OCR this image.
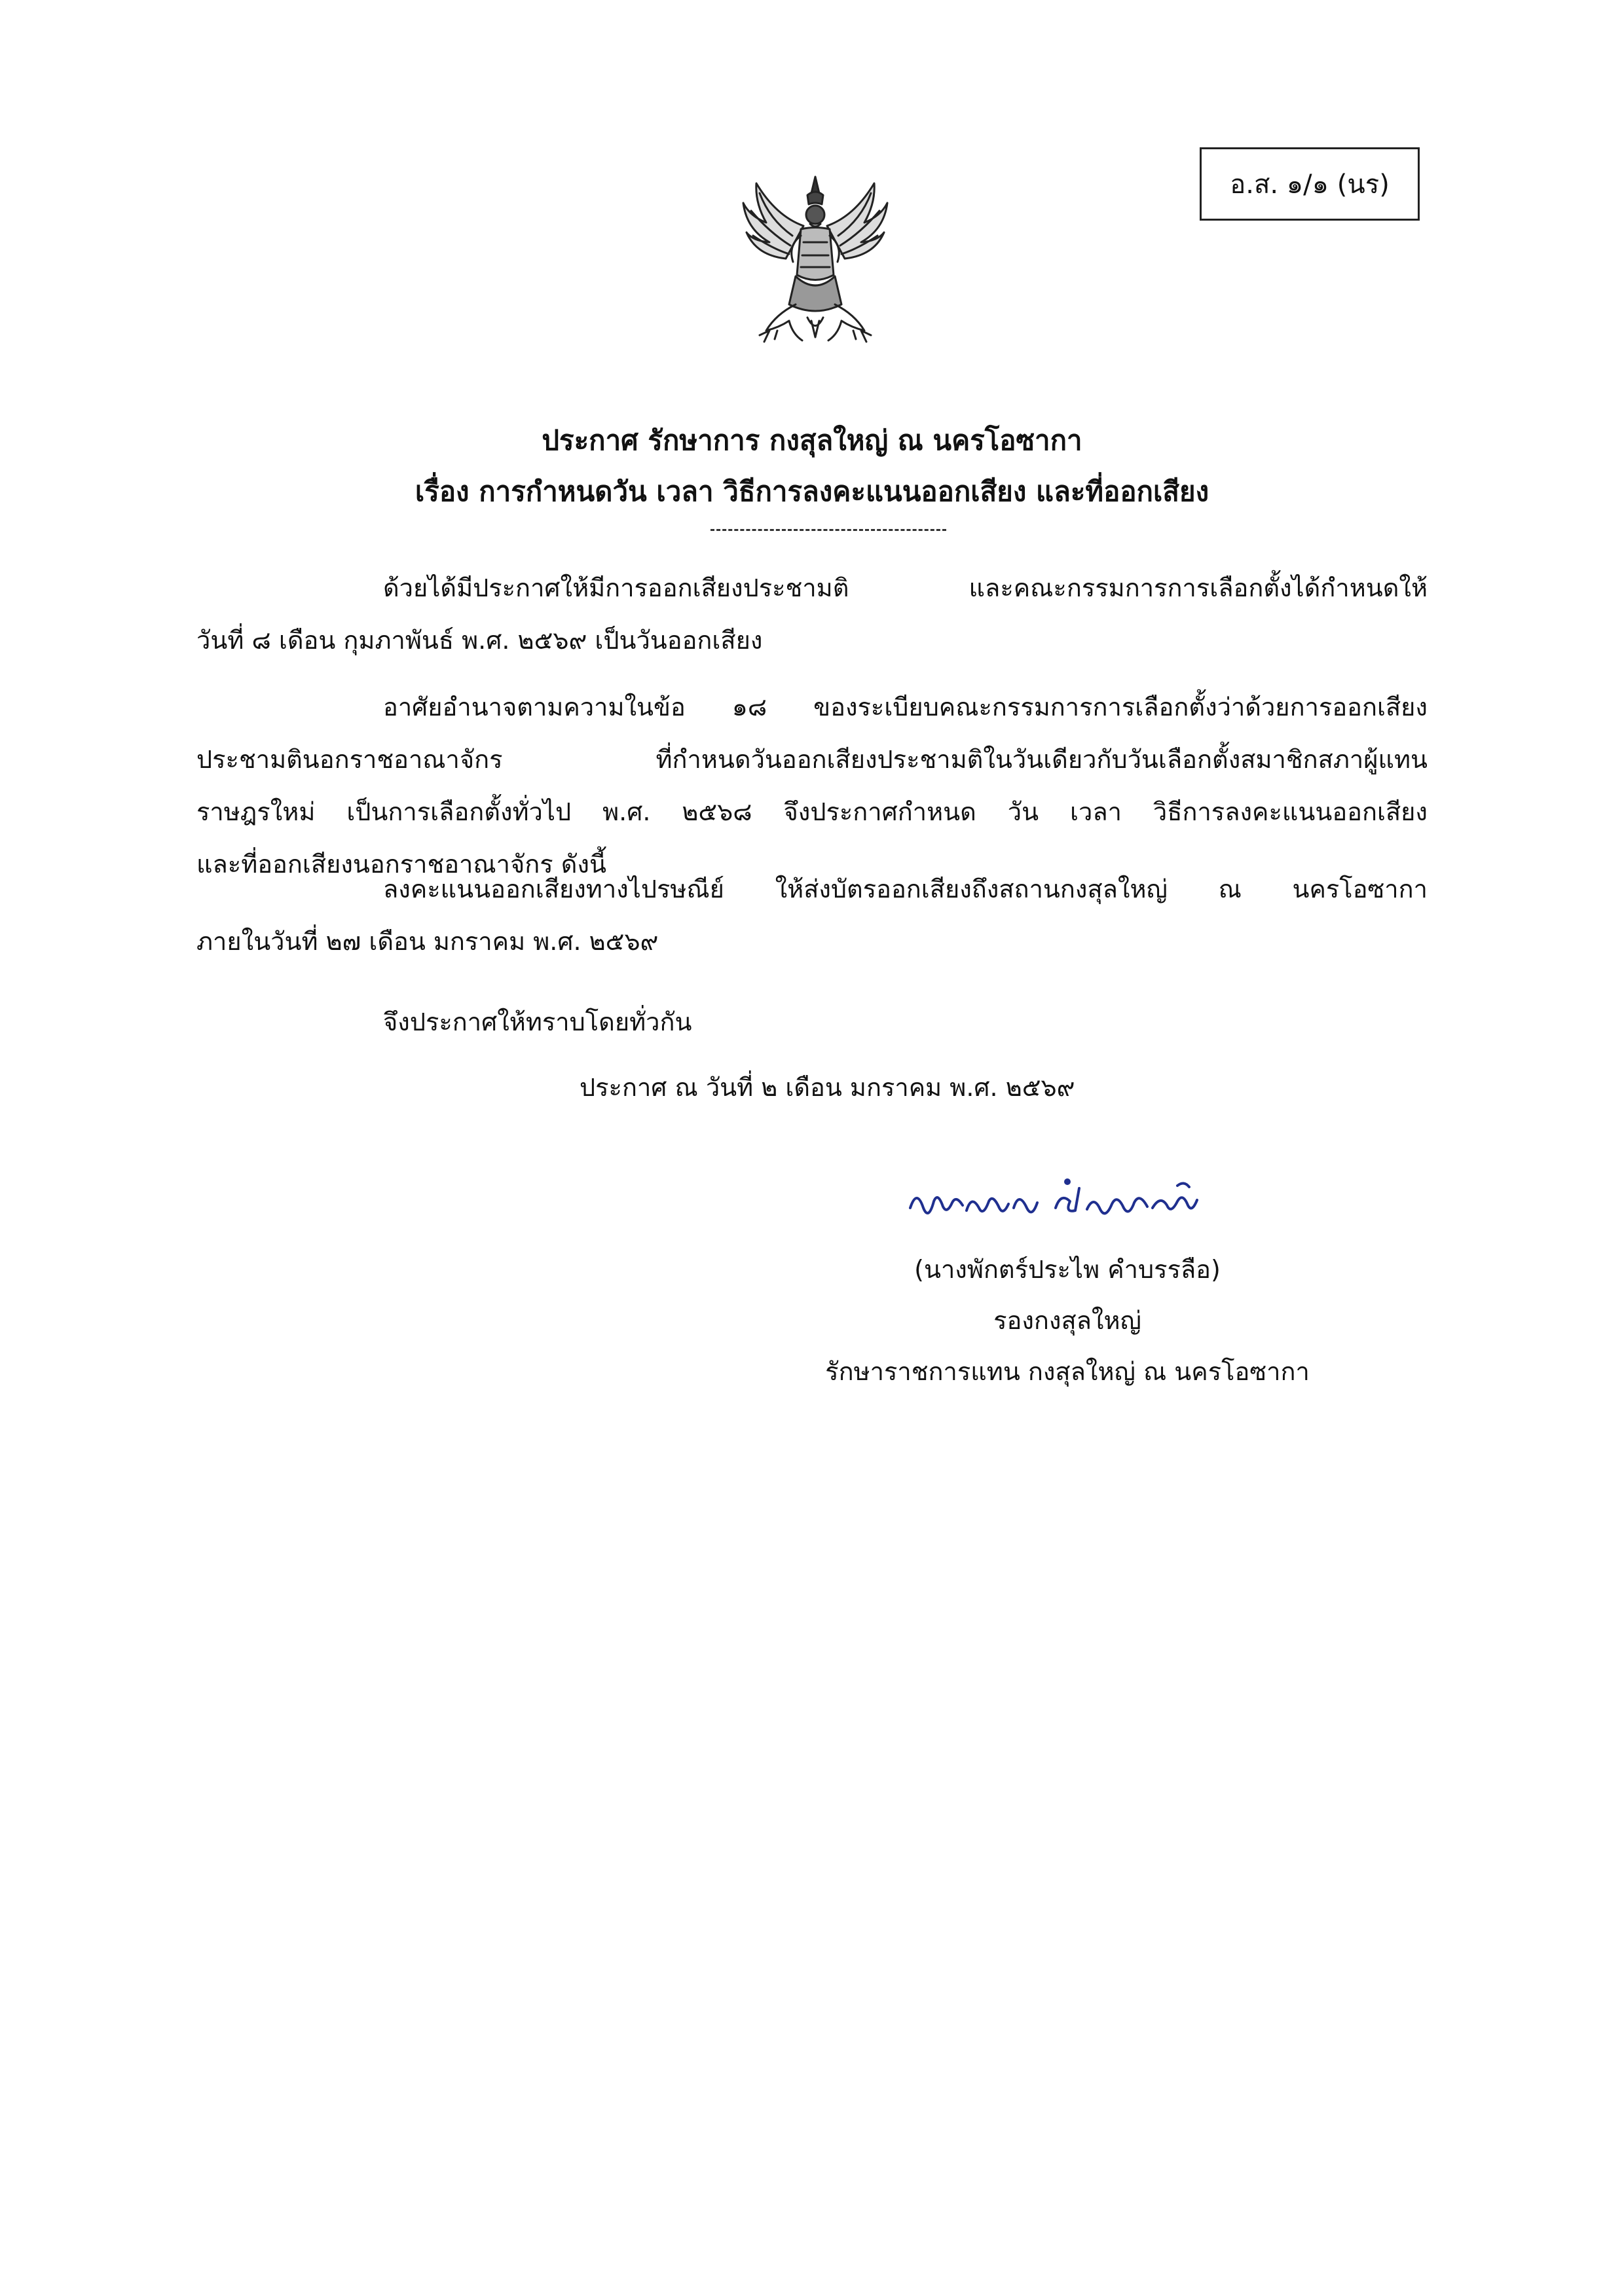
อ.ส. ๑/๑ (นร)
ประกาศ รักษาการ กงสุลใหญ่ ณ นครโอซากา
เรื่อง การกำหนดวัน เวลา วิธีการลงคะแนนออกเสียง และที่ออกเสียง
ด้วยได้มีประกาศให้มีการออกเสียงประชามติ และคณะกรรมการการเลือกตั้งได้กำหนดให้
วันที่ ๘ เดือน กุมภาพันธ์ พ.ศ. ๒๕๖๙ เป็นวันออกเสียง
อาศัยอำนาจตามความในข้อ ๑๘ ของระเบียบคณะกรรมการการเลือกตั้งว่าด้วยการออกเสียง
ประชามตินอกราชอาณาจักร ที่กำหนดวันออกเสียงประชามติในวันเดียวกับวันเลือกตั้งสมาชิกสภาผู้แทน
ราษฎรใหม่ เป็นการเลือกตั้งทั่วไป พ.ศ. ๒๕๖๘ จึงประกาศกำหนด วัน เวลา วิธีการลงคะแนนออกเสียง
และที่ออกเสียงนอกราชอาณาจักร ดังนี้
ลงคะแนนออกเสียงทางไปรษณีย์ ให้ส่งบัตรออกเสียงถึงสถานกงสุลใหญ่ ณ นครโอซากา
ภายในวันที่ ๒๗ เดือน มกราคม พ.ศ. ๒๕๖๙
จึงประกาศให้ทราบโดยทั่วกัน
ประกาศ ณ วันที่ ๒ เดือน มกราคม พ.ศ. ๒๕๖๙
(นางพักตร์ประไพ คำบรรลือ)
รองกงสุลใหญ่
รักษาราชการแทน กงสุลใหญ่ ณ นครโอซากา
